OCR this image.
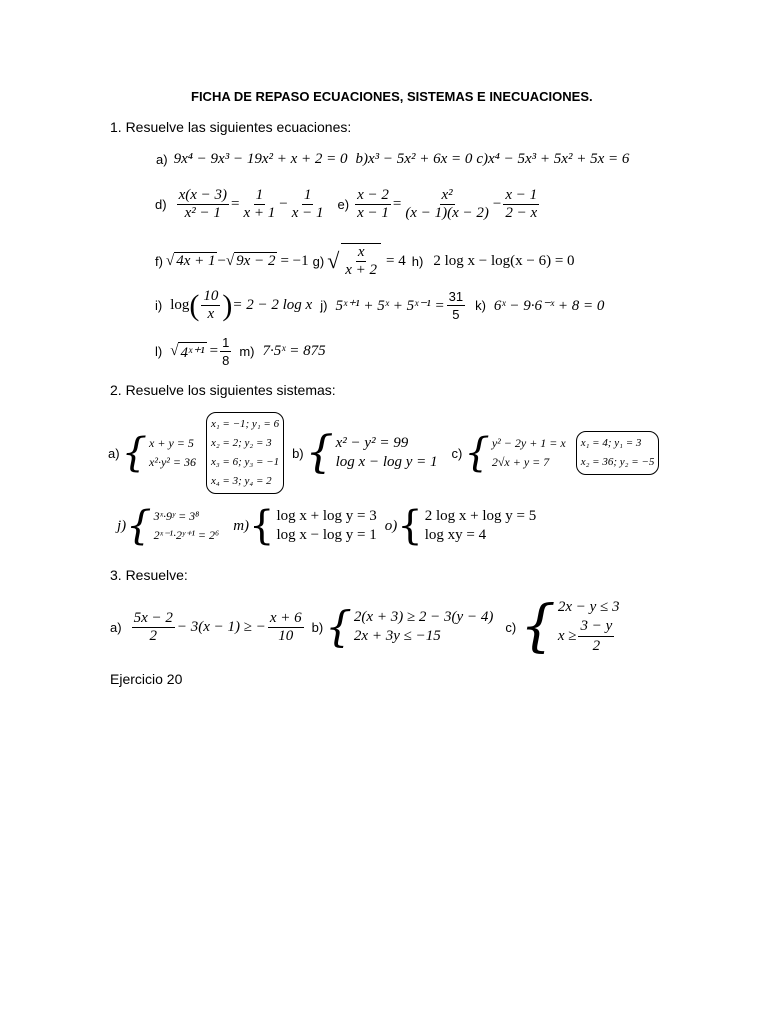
FICHA DE REPASO ECUACIONES, SISTEMAS E INECUACIONES.
1. Resuelve las siguientes ecuaciones:
a) 9x⁴ − 9x³ − 19x² + x + 2 = 0 b) x³ − 5x² + 6x = 0 c) x⁴ − 5x³ + 5x² + 5x = 6
$d) \frac{x(x - 3)}{\text{x² − 1}} = \frac{1}{x + 1} - \frac{1}{x - 1} e) \frac{x - 2}{x - 1} = \frac{\text{x²}}{(x - 1)(x - 2)} - \frac{x - 1}{2 - x}$
f) √ 4x + 1 − √ 9x − 2 = −1 g) √ $\frac{x}{x + 2} = 4$ h) 2 log x − log(x − 6) = 0
i) log ( $\frac{10}{x}$ ) = 2 − 2 log x j) 5ˣ⁺¹ + 5ˣ + 5ˣ⁻¹ = $\frac{31}{5} k$) 6ˣ − 9·6⁻ˣ + 8 = 0
l) √ 4ˣ⁺¹ = $\frac{1}{8} m$) 7·5ˣ = 875
2. Resuelve los siguientes sistemas:
a) { x + y = 5
x²·y² = 36
x₁ = −1; y₁ = 6
x₂ = 2; y₂ = 3
x₃ = 6; y₃ = −1
x₄ = 3; y₄ = 2
b) { x² − y² = 99
log x − log y = 1
c) { y² − 2y + 1 = x
2√x + y = 7
x₁ = 4; y₁ = 3
x₂ = 36; y₂ = −5
j) { 3ˣ·9ʸ = 3⁸
2ˣ⁻¹·2ʸ⁺¹ = 2⁶
m) { log x + log y = 3
log x − log y = 1
o) { 2 log x + log y = 5
log xy = 4
3. Resuelve:
$a) \frac{5x - 2}{2} - 3(x - 1)$ ≥ − $\frac{x + 6}{10} b$) { 2(x + 3) ≥ 2 − 3(y − 4)
2x + 3y ≤ −15
c) { 2x − y ≤ 3
$x \ge \frac{3 - y}{2}$
Ejercicio 20
